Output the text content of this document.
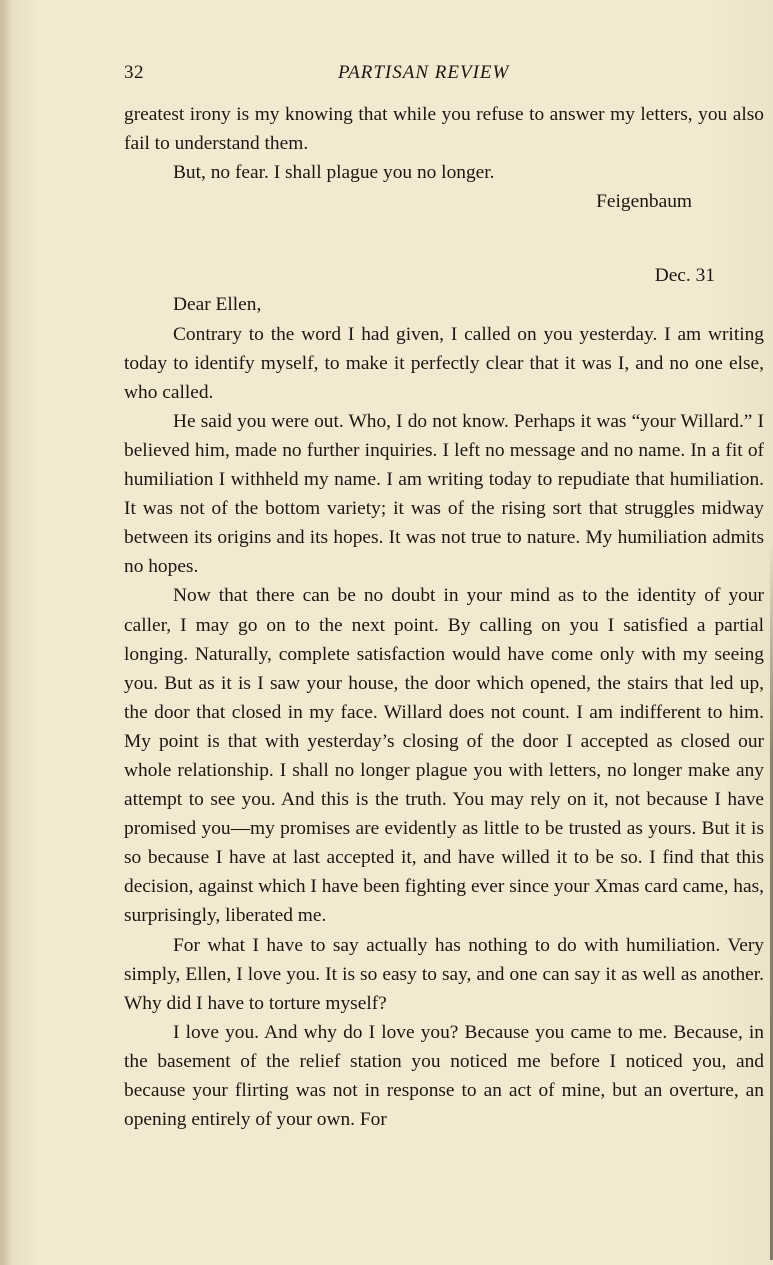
32	PARTISAN REVIEW

greatest irony is my knowing that while you refuse to answer my letters, you also fail to understand them.

But, no fear. I shall plague you no longer.

Feigenbaum

Dec. 31

Dear Ellen,

Contrary to the word I had given, I called on you yesterday. I am writing today to identify myself, to make it perfectly clear that it was I, and no one else, who called.

He said you were out. Who, I do not know. Perhaps it was “your Willard.” I believed him, made no further inquiries. I left no message and no name. In a fit of humiliation I withheld my name. I am writing today to repudiate that humiliation. It was not of the bottom variety; it was of the rising sort that struggles midway between its origins and its hopes. It was not true to nature. My humiliation admits no hopes.

Now that there can be no doubt in your mind as to the identity of your caller, I may go on to the next point. By calling on you I satisfied a partial longing. Naturally, complete satisfaction would have come only with my seeing you. But as it is I saw your house, the door which opened, the stairs that led up, the door that closed in my face. Willard does not count. I am indifferent to him. My point is that with yesterday’s closing of the door I accepted as closed our whole relationship. I shall no longer plague you with letters, no longer make any attempt to see you. And this is the truth. You may rely on it, not because I have promised you—my promises are evidently as little to be trusted as yours. But it is so because I have at last accepted it, and have willed it to be so. I find that this decision, against which I have been fighting ever since your Xmas card came, has, surprisingly, liberated me.

For what I have to say actually has nothing to do with humiliation. Very simply, Ellen, I love you. It is so easy to say, and one can say it as well as another. Why did I have to torture myself?

I love you. And why do I love you? Because you came to me. Because, in the basement of the relief station you noticed me before I noticed you, and because your flirting was not in response to an act of mine, but an overture, an opening entirely of your own. For
